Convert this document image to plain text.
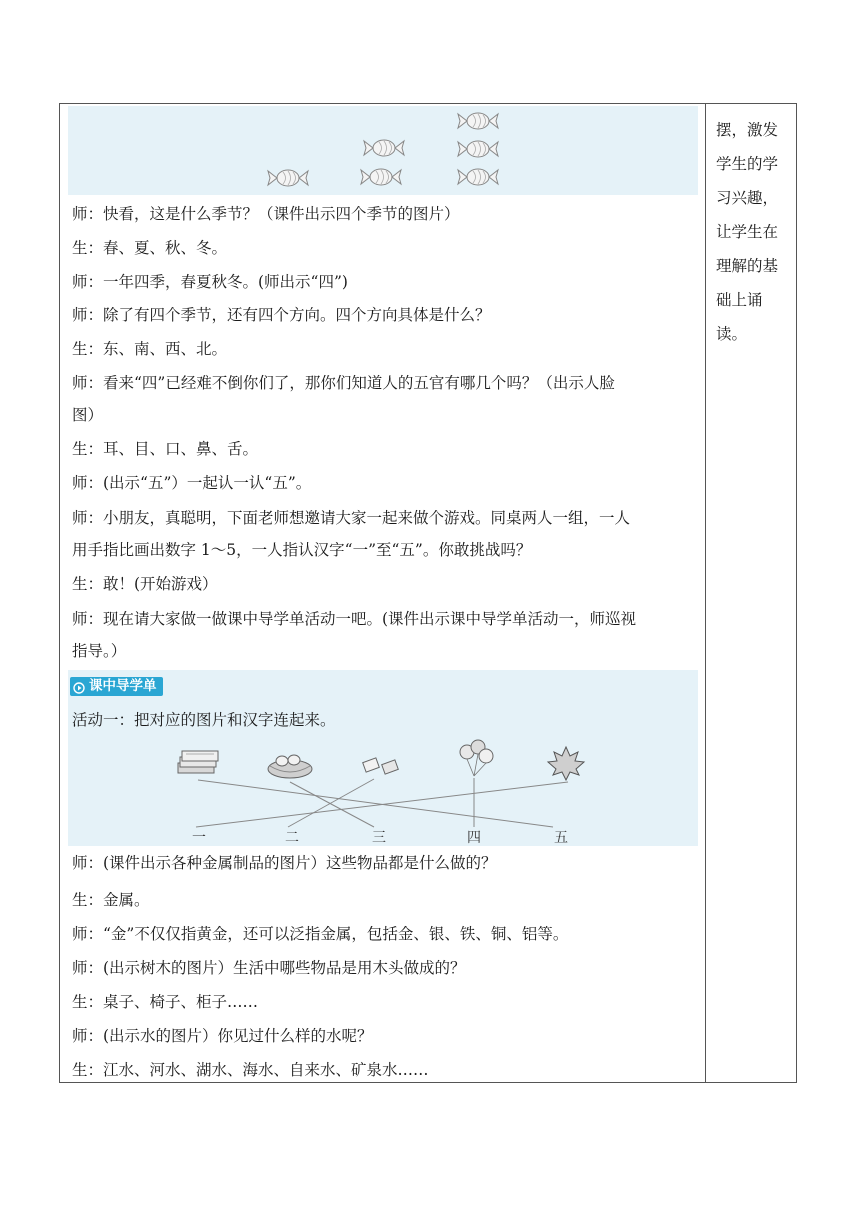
师：快看，这是什么季节？（课件出示四个季节的图片）
生：春、夏、秋、冬。
师：一年四季，春夏秋冬。(师出示“四”)
师：除了有四个季节，还有四个方向。四个方向具体是什么？
生：东、南、西、北。
师：看来“四”已经难不倒你们了，那你们知道人的五官有哪几个吗？（出示人脸
图）
生：耳、目、口、鼻、舌。
师：(出示“五”）一起认一认“五”。
师：小朋友，真聪明，下面老师想邀请大家一起来做个游戏。同桌两人一组，一人
用手指比画出数字 1～5，一人指认汉字“一”至“五”。你敢挑战吗？
生：敢！(开始游戏）
师：现在请大家做一做课中导学单活动一吧。(课件出示课中导学单活动一，师巡视
指导。）
一	二	三	四	五
课中导学单
活动一：把对应的图片和汉字连起来。
师：(课件出示各种金属制品的图片）这些物品都是什么做的？
生：金属。
师：“金”不仅仅指黄金，还可以泛指金属，包括金、银、铁、铜、铝等。
师：(出示树木的图片）生活中哪些物品是用木头做成的？
生：桌子、椅子、柜子……
师：(出示水的图片）你见过什么样的水呢？
生：江水、河水、湖水、海水、自来水、矿泉水……
摆，激发学生的学习兴趣，让学生在理解的基础上诵读。
